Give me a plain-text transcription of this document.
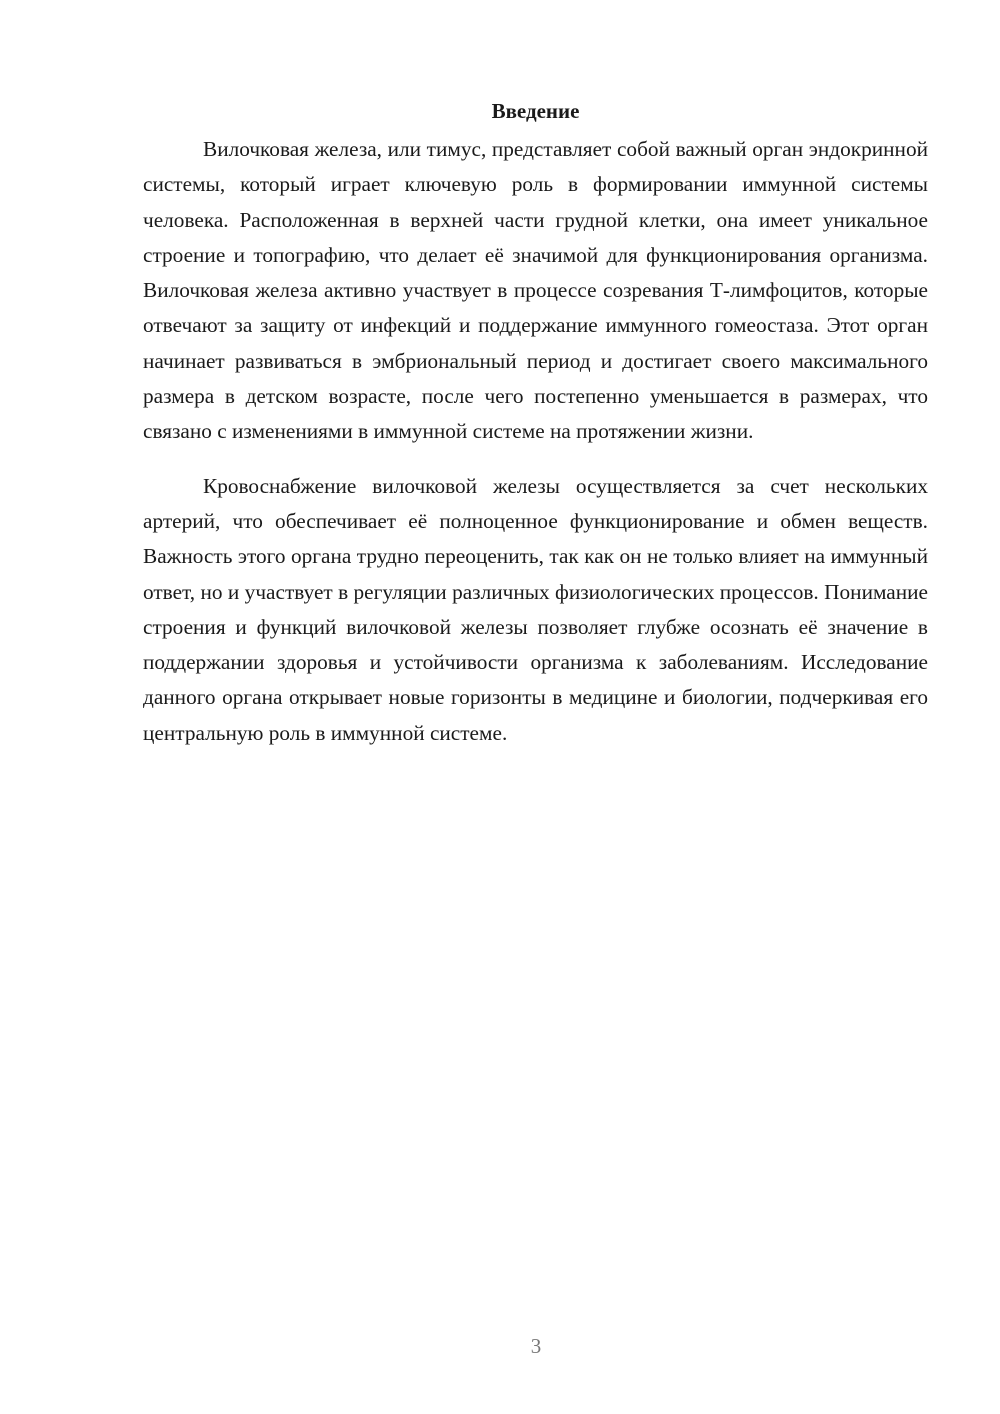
Введение

Вилочковая железа, или тимус, представляет собой важный орган эндокринной системы, который играет ключевую роль в формировании иммунной системы человека. Расположенная в верхней части грудной клетки, она имеет уникальное строение и топографию, что делает её значимой для функционирования организма. Вилочковая железа активно участвует в процессе созревания Т-лимфоцитов, которые отвечают за защиту от инфекций и поддержание иммунного гомеостаза. Этот орган начинает развиваться в эмбриональный период и достигает своего максимального размера в детском возрасте, после чего постепенно уменьшается в размерах, что связано с изменениями в иммунной системе на протяжении жизни.

Кровоснабжение вилочковой железы осуществляется за счет нескольких артерий, что обеспечивает её полноценное функционирование и обмен веществ. Важность этого органа трудно переоценить, так как он не только влияет на иммунный ответ, но и участвует в регуляции различных физиологических процессов. Понимание строения и функций вилочковой железы позволяет глубже осознать её значение в поддержании здоровья и устойчивости организма к заболеваниям. Исследование данного органа открывает новые горизонты в медицине и биологии, подчеркивая его центральную роль в иммунной системе.

3
